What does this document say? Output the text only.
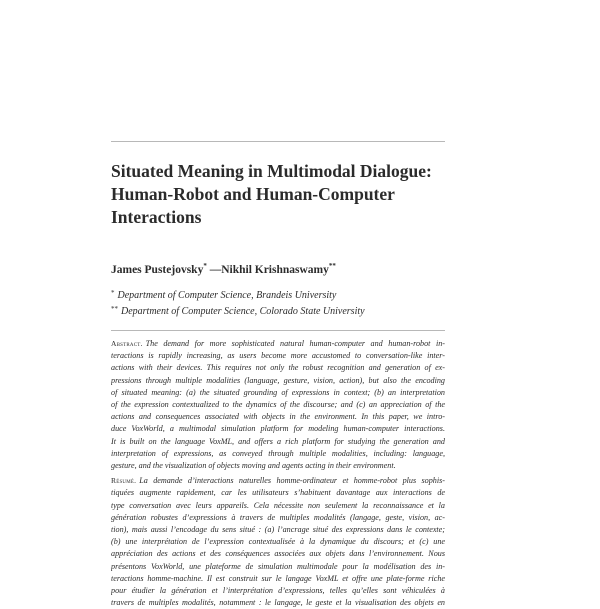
Situated Meaning in Multimodal Dialogue:
Human-Robot and Human-Computer
Interactions
James Pustejovsky* —Nikhil Krishnaswamy**
* Department of Computer Science, Brandeis University
** Department of Computer Science, Colorado State University
Abstract. The demand for more sophisticated natural human-computer and human-robot in-
teractions is rapidly increasing, as users become more accustomed to conversation-like inter-
actions with their devices. This requires not only the robust recognition and generation of ex-
pressions through multiple modalities (language, gesture, vision, action), but also the encoding
of situated meaning: (a) the situated grounding of expressions in context; (b) an interpretation
of the expression contextualized to the dynamics of the discourse; and (c) an appreciation of the
actions and consequences associated with objects in the environment. In this paper, we intro-
duce VoxWorld, a multimodal simulation platform for modeling human-computer interactions.
It is built on the language VoxML, and offers a rich platform for studying the generation and
interpretation of expressions, as conveyed through multiple modalities, including: language,
gesture, and the visualization of objects moving and agents acting in their environment.
Résumé. La demande d’interactions naturelles homme-ordinateur et homme-robot plus sophis-
tiquées augmente rapidement, car les utilisateurs s’habituent davantage aux interactions de
type conversation avec leurs appareils. Cela nécessite non seulement la reconnaissance et la
génération robustes d’expressions à travers de multiples modalités (langage, geste, vision, ac-
tion), mais aussi l’encodage du sens situé : (a) l’ancrage situé des expressions dans le contexte;
(b) une interprétation de l’expression contextualisée à la dynamique du discours; et (c) une
appréciation des actions et des conséquences associées aux objets dans l’environnement. Nous
présentons VoxWorld, une plateforme de simulation multimodale pour la modélisation des in-
teractions homme-machine. Il est construit sur le langage VoxML et offre une plate-forme riche
pour étudier la génération et l’interprétation d’expressions, telles qu’elles sont véhiculées à
travers de multiples modalités, notamment : le langage, le geste et la visualisation des objets en
